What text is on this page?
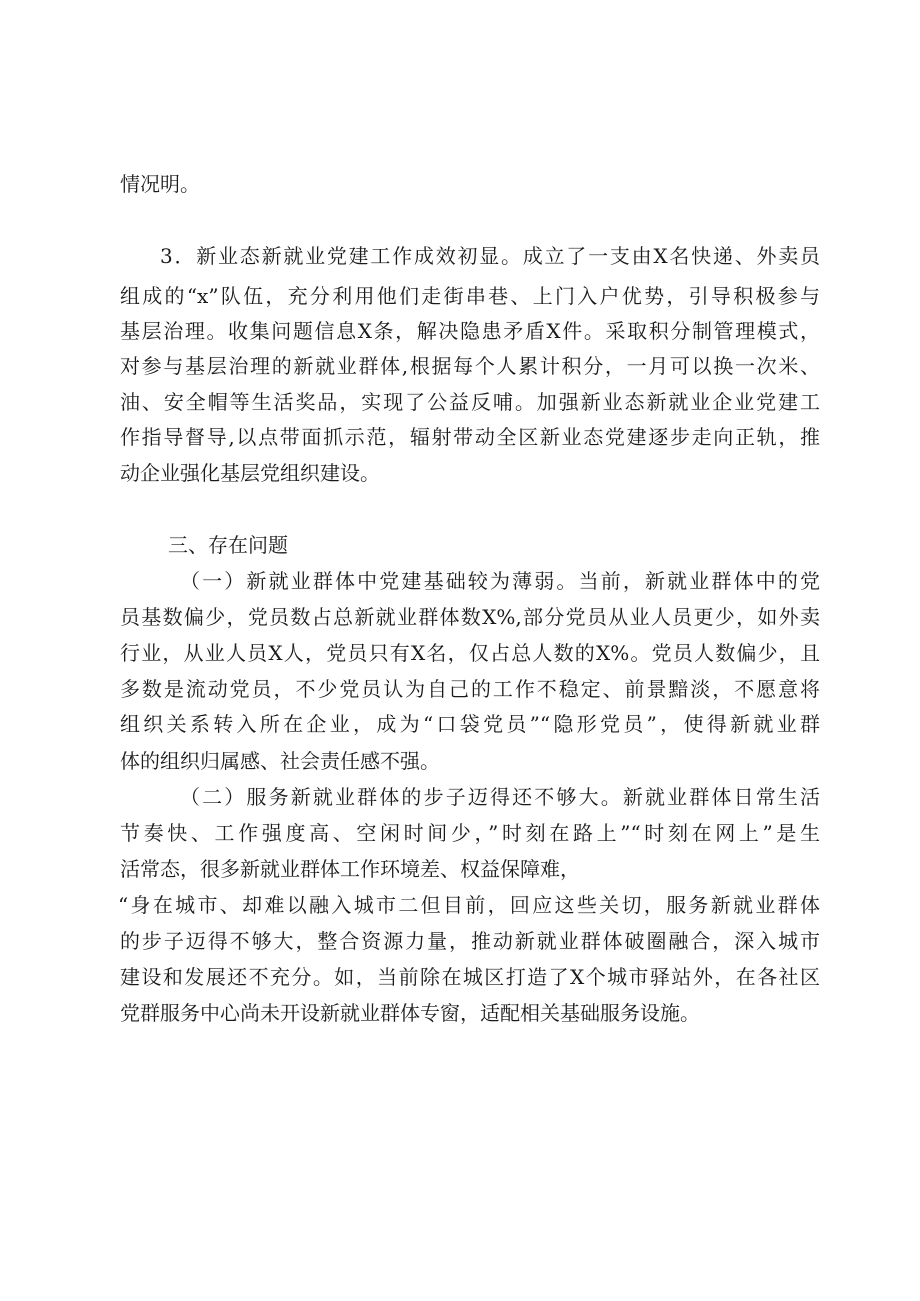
情况明。
3．新业态新就业党建工作成效初显。成立了一支由X名快递、外卖员
组成的“x”队伍，充分利用他们走街串巷、上门入户优势，引导积极参与
基层治理。收集问题信息X条，解决隐患矛盾X件。采取积分制管理模式，
对参与基层治理的新就业群体,根据每个人累计积分，一月可以换一次米、
油、安全帽等生活奖品，实现了公益反哺。加强新业态新就业企业党建工
作指导督导,以点带面抓示范，辐射带动全区新业态党建逐步走向正轨，推
动企业强化基层党组织建设。
三、存在问题
（一）新就业群体中党建基础较为薄弱。当前，新就业群体中的党
员基数偏少，党员数占总新就业群体数X%,部分党员从业人员更少，如外卖
行业，从业人员X人，党员只有X名，仅占总人数的X%。党员人数偏少，且
多数是流动党员，不少党员认为自己的工作不稳定、前景黯淡，不愿意将
组织关系转入所在企业，成为“口袋党员”“隐形党员”，使得新就业群
体的组织归属感、社会责任感不强。
（二）服务新就业群体的步子迈得还不够大。新就业群体日常生活
节奏快、工作强度高、空闲时间少，”时刻在路上”“时刻在网上”是生
活常态，很多新就业群体工作环境差、权益保障难，
“身在城市、却难以融入城市二但目前，回应这些关切，服务新就业群体
的步子迈得不够大，整合资源力量，推动新就业群体破圈融合，深入城市
建设和发展还不充分。如，当前除在城区打造了X个城市驿站外，在各社区
党群服务中心尚未开设新就业群体专窗，适配相关基础服务设施。
